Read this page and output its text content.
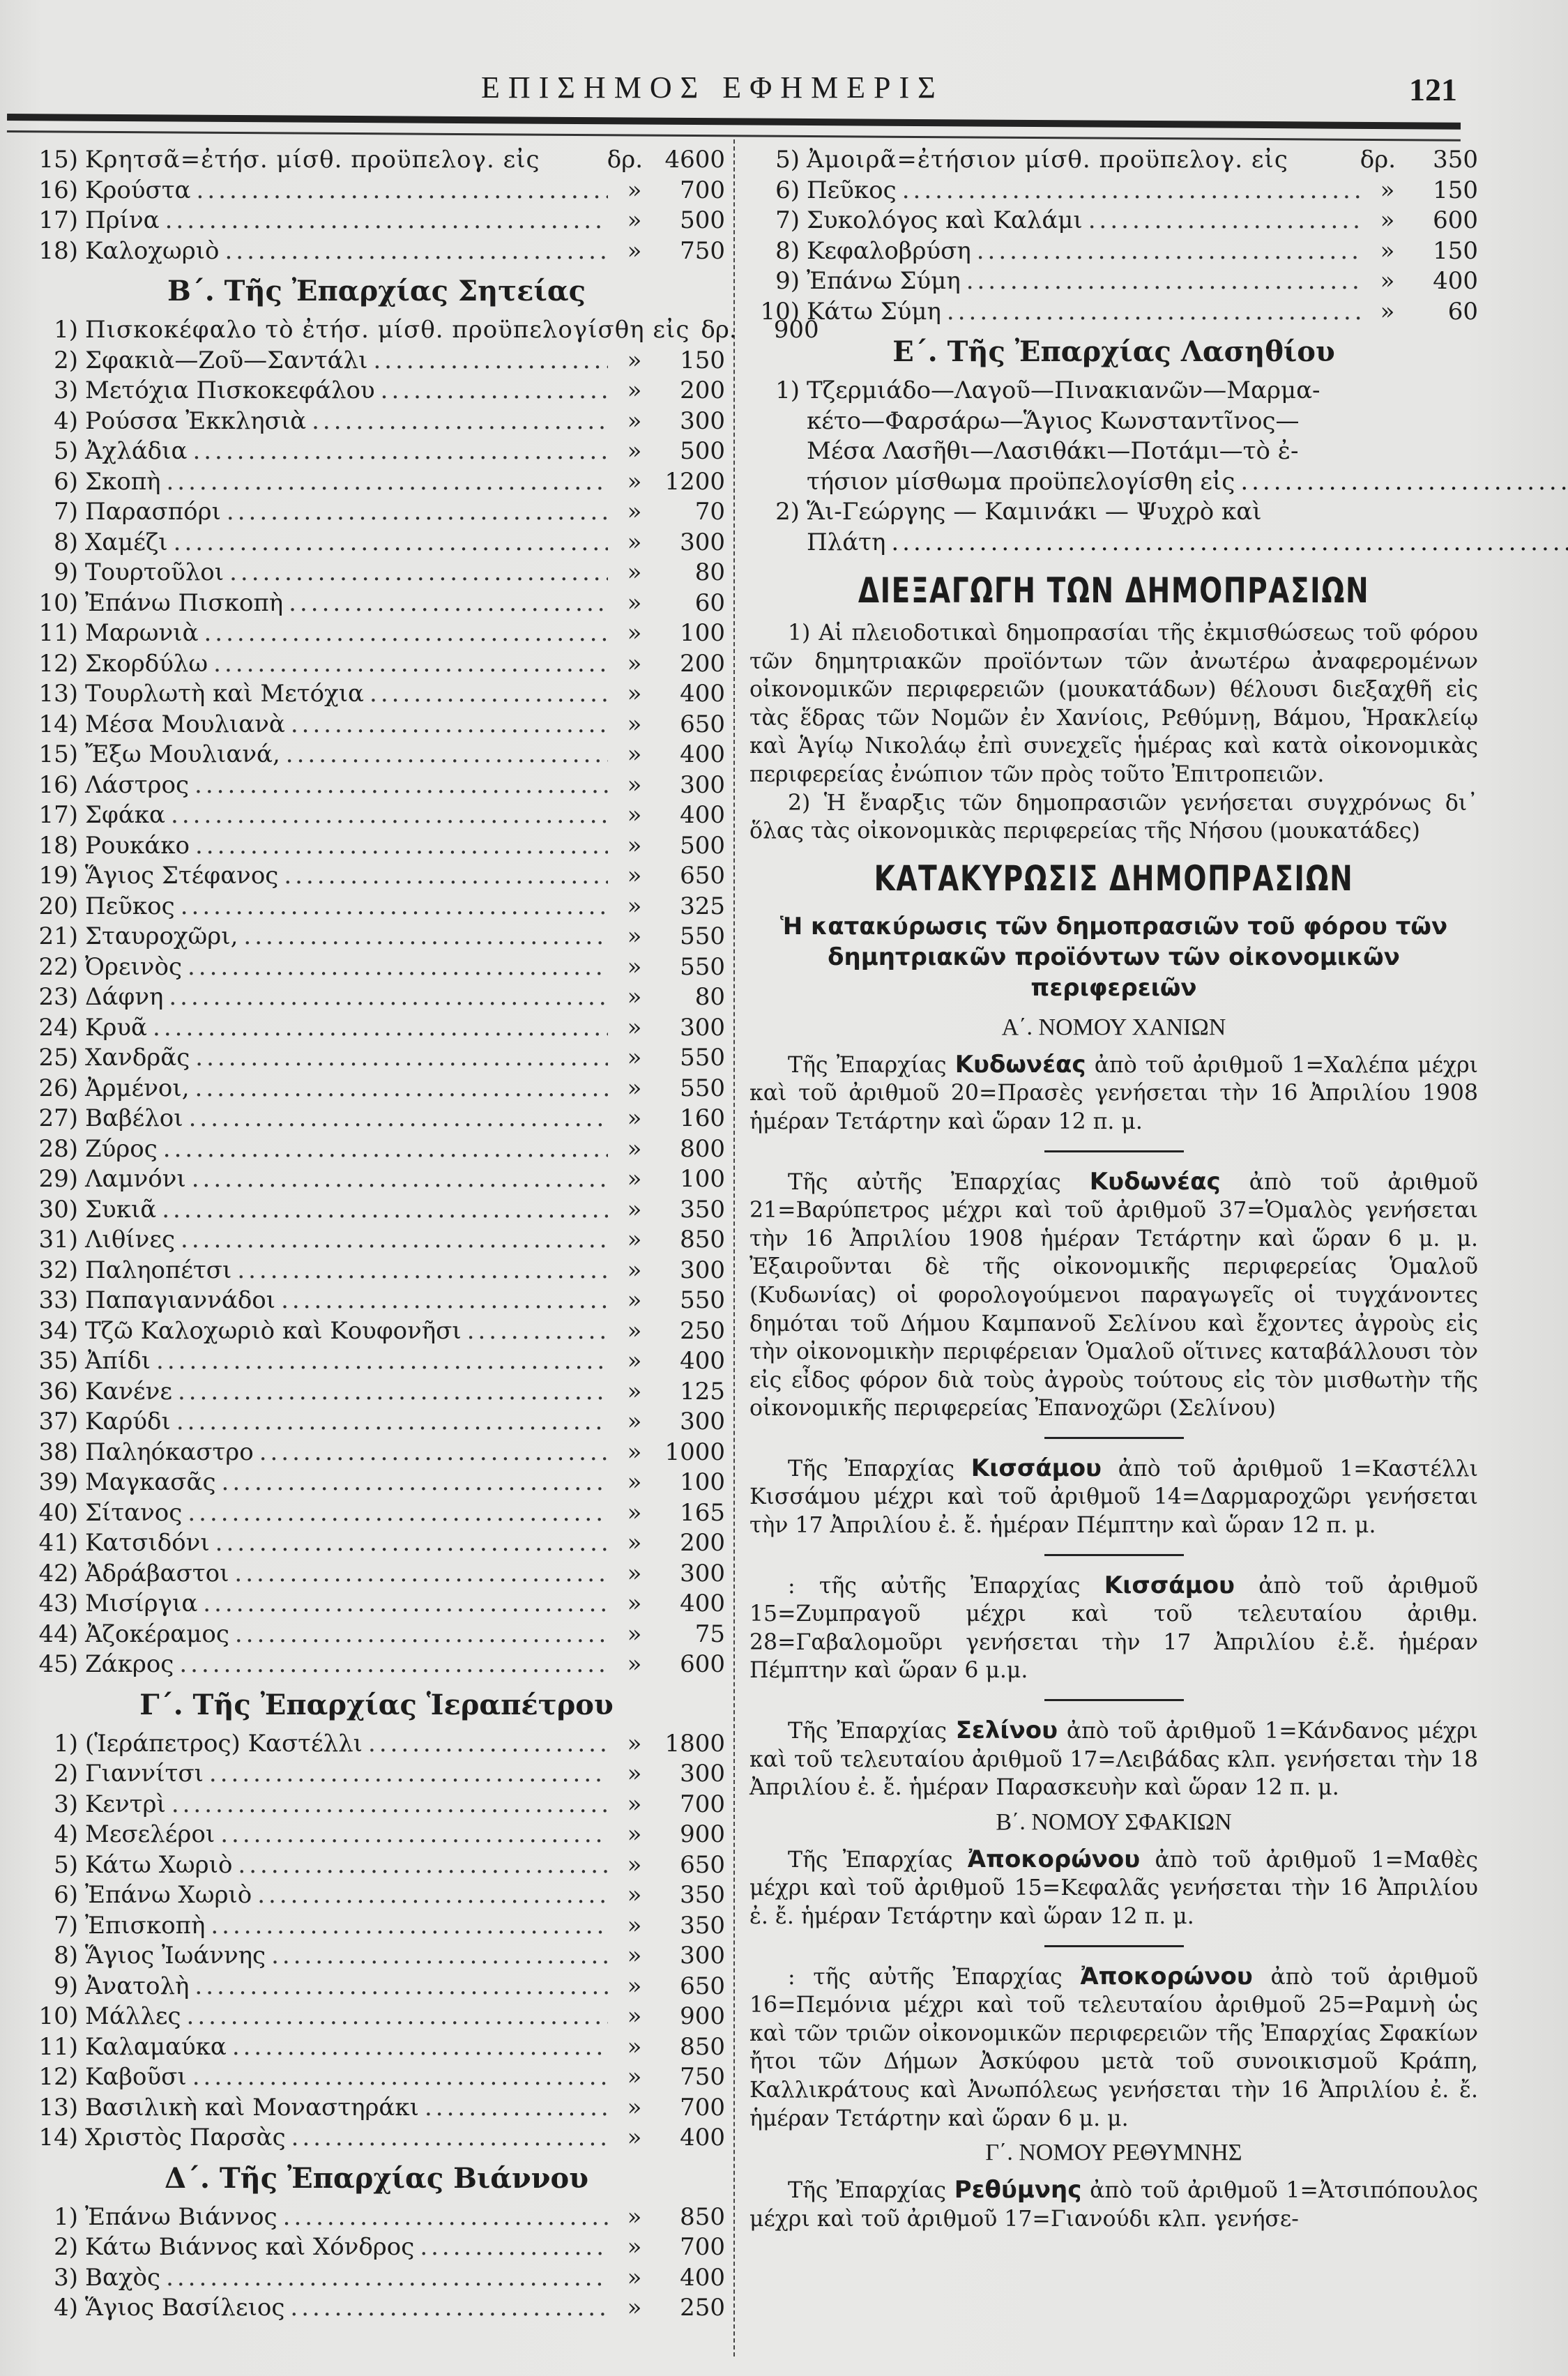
ΕΠΙΣΗΜΟΣ ΕΦΗΜΕΡΙΣ	121
15) Κρητσᾶ=ἐτήσ. μίσθ. προϋπελογ. εἰς	δρ. 4600
16) Κρούστα .....	»	700
17) Πρίνα .....	»	500
18) Καλοχωριὸ .....	»	750
Β΄. Τῆς Ἐπαρχίας Σητείας
1) Πισκοκέφαλο τὸ ἐτήσ. μίσθ. προϋπελογίσθη εἰς δρ.	900
2) Σφακιὰ—Ζοῦ—Σαντάλι .....	»	150
3) Μετόχια Πισκοκεφάλου .....	»	200
4) Ρούσσα Ἐκκλησιὰ .....	»	300
5) Ἀχλάδια .....	»	500
6) Σκοπὴ .....	» 1200
7) Παρασπόρι .....	»	70
8) Χαμέζι .....	»	300
9) Τουρτοῦλοι .....	»	80
10) Ἐπάνω Πισκοπὴ .....	»	60
11) Μαρωνιὰ .....	»	100
12) Σκορδύλω .....	»	200
13) Τουρλωτὴ καὶ Μετόχια .....	»	400
14) Μέσα Μουλιανὰ .....	»	650
15) Ἔξω Μουλιανά, .....	»	400
16) Λάστρος .....	»	300
17) Σφάκα .....	»	400
18) Ρουκάκο .....	»	500
19) Ἅγιος Στέφανος .....	»	650
20) Πεῦκος .....	»	325
21) Σταυροχῶρι, .....	»	550
22) Ὀρεινὸς .....	»	550
23) Δάφνη .....	»	80
24) Κρυᾶ .....	»	300
25) Χανδρᾶς .....	»	550
26) Ἀρμένοι, .....	»	550
27) Βαβέλοι .....	»	160
28) Ζύρος .....	»	800
29) Λαμνόνι .....	»	100
30) Συκιᾶ .....	»	350
31) Λιθίνες .....	»	850
32) Παληοπέτσι .....	»	300
33) Παπαγιαννάδοι .....	»	550
34) Τζῶ Καλοχωριὸ καὶ Κουφονῆσι .....	»	250
35) Ἀπίδι .....	»	400
36) Κανένε .....	»	125
37) Καρύδι .....	»	300
38) Παληόκαστρο .....	» 1000
39) Μαγκασᾶς .....	»	100
40) Σίτανος .....	»	165
41) Κατσιδόνι .....	»	200
42) Ἀδράβαστοι .....	»	300
43) Μισίργια .....	»	400
44) Ἀζοκέραμος .....	»	75
45) Ζάκρος .....	»	600
Γ΄. Τῆς Ἐπαρχίας Ἱεραπέτρου
1) (Ἱεράπετρος) Καστέλλι .....	» 1800
2) Γιαννίτσι .....	»	300
3) Κεντρὶ .....	»	700
4) Μεσελέροι .....	»	900
5) Κάτω Χωριὸ .....	»	650
6) Ἐπάνω Χωριὸ .....	»	350
7) Ἐπισκοπὴ .....	»	350
8) Ἅγιος Ἰωάννης .....	»	300
9) Ἀνατολὴ .....	»	650
10) Μάλλες .....	»	900
11) Καλαμαύκα .....	»	850
12) Καβοῦσι .....	»	750
13) Βασιλικὴ καὶ Μοναστηράκι .....	»	700
14) Χριστὸς Παρσὰς .....	»	400
Δ΄. Τῆς Ἐπαρχίας Βιάννου
1) Ἐπάνω Βιάννος .....	»	850
2) Κάτω Βιάννος καὶ Χόνδρος .....	»	700
3) Βαχὸς .....	»	400
4) Ἅγιος Βασίλειος .....	»	250
5) Ἀμοιρᾶ=ἐτήσιον μίσθ. προϋπελογ. εἰς	δρ.	350
6) Πεῦκος .....	»	150
7) Συκολόγος καὶ Καλάμι .....	»	600
8) Κεφαλοβρύση .....	»	150
9) Ἐπάνω Σύμη .....	»	400
10) Κάτω Σύμη .....	»	60
Ε΄. Τῆς Ἐπαρχίας Λασηθίου
1) Τζερμιάδο—Λαγοῦ—Πινακιανῶν—Μαρμα-
κέτο—Φαρσάρω—Ἅγιος Κωνσταντῖνος—
Μέσα Λασῆθι—Λασιθάκι—Ποτάμι—τὸ ἐ-
τήσιον μίσθωμα προϋπελογίσθη εἰς
.....
2) Ἅι-Γεώργης — Καμινάκι — Ψυχρὸ καὶ
Πλάτη
.....
ΔΙΕΞΑΓΩΓΗ ΤΩΝ ΔΗΜΟΠΡΑΣΙΩΝ

1) Αἱ πλειοδοτικαὶ δημοπρασίαι τῆς ἐκμισθώσεως τοῦ φόρου τῶν δημητριακῶν προϊόντων τῶν ἀνωτέρω ἀναφερομένων οἰκονομικῶν περιφερειῶν (μουκατάδων) θέλουσι διεξαχθῆ εἰς τὰς ἕδρας τῶν Νομῶν ἐν Χανίοις, Ρεθύμνῃ, Βάμου, Ἡρακλείῳ καὶ Ἁγίῳ Νικολάῳ ἐπὶ συνεχεῖς ἡμέρας καὶ κατὰ οἰκονομικὰς περιφερείας ἐνώπιον τῶν πρὸς τοῦτο Ἐπιτροπειῶν.

2) Ἡ ἔναρξις τῶν δημοπρασιῶν γενήσεται συγχρόνως δι᾽ ὅλας τὰς οἰκονομικὰς περιφερείας τῆς Νήσου (μουκατάδες)

ΚΑΤΑΚΥΡΩΣΙΣ ΔΗΜΟΠΡΑΣΙΩΝ
Ἡ κατακύρωσις τῶν δημοπρασιῶν τοῦ φόρου τῶν δημητριακῶν προϊόντων τῶν οἰκονομικῶν περιφερειῶν
Α΄. ΝΟΜΟΥ ΧΑΝΙΩΝ

Τῆς Ἐπαρχίας Κυδωνέας ἀπὸ τοῦ ἀριθμοῦ 1=Χαλέπα μέχρι καὶ τοῦ ἀριθμοῦ 20=Πρασὲς γενήσεται τὴν 16 Ἀπριλίου 1908 ἡμέραν Τετάρτην καὶ ὥραν 12 π. μ.

Τῆς αὐτῆς Ἐπαρχίας Κυδωνέας ἀπὸ τοῦ ἀριθμοῦ 21=Βαρύπετρος μέχρι καὶ τοῦ ἀριθμοῦ 37=Ὁμαλὸς γενήσεται τὴν 16 Ἀπριλίου 1908 ἡμέραν Τετάρτην καὶ ὥραν 6 μ. μ. Ἐξαιροῦνται δὲ τῆς οἰκονομικῆς περιφερείας Ὁμαλοῦ (Κυδωνίας) οἱ φορολογούμενοι παραγωγεῖς οἱ τυγχάνοντες δημόται τοῦ Δήμου Καμπανοῦ Σελίνου καὶ ἔχοντες ἀγροὺς εἰς τὴν οἰκονομικὴν περιφέρειαν Ὁμαλοῦ οἵτινες καταβάλλουσι τὸν εἰς εἶδος φόρον διὰ τοὺς ἀγροὺς τούτους εἰς τὸν μισθωτὴν τῆς οἰκονομικῆς περιφερείας Ἐπανοχῶρι (Σελίνου)

Τῆς Ἐπαρχίας Κισσάμου ἀπὸ τοῦ ἀριθμοῦ 1=Καστέλλι Κισσάμου μέχρι καὶ τοῦ ἀριθμοῦ 14=Δαρμαροχῶρι γενήσεται τὴν 17 Ἀπριλίου ἐ. ἔ. ἡμέραν Πέμπτην καὶ ὥραν 12 π. μ.

: τῆς αὐτῆς Ἐπαρχίας Κισσάμου ἀπὸ τοῦ ἀριθμοῦ 15=Ζυμπραγοῦ μέχρι καὶ τοῦ τελευταίου ἀριθμ. 28=Γαβαλομοῦρι γενήσεται τὴν 17 Ἀπριλίου ἐ.ἔ. ἡμέραν Πέμπτην καὶ ὥραν 6 μ.μ.

Τῆς Ἐπαρχίας Σελίνου ἀπὸ τοῦ ἀριθμοῦ 1=Κάνδανος μέχρι καὶ τοῦ τελευταίου ἀριθμοῦ 17=Λειβάδας κλπ. γενήσεται τὴν 18 Ἀπριλίου ἐ. ἔ. ἡμέραν Παρασκευὴν καὶ ὥραν 12 π. μ.

Β΄. ΝΟΜΟΥ ΣΦΑΚΙΩΝ

Τῆς Ἐπαρχίας Ἀποκορώνου ἀπὸ τοῦ ἀριθμοῦ 1=Μαθὲς μέχρι καὶ τοῦ ἀριθμοῦ 15=Κεφαλᾶς γενήσεται τὴν 16 Ἀπριλίου ἐ. ἔ. ἡμέραν Τετάρτην καὶ ὥραν 12 π. μ.

: τῆς αὐτῆς Ἐπαρχίας Ἀποκορώνου ἀπὸ τοῦ ἀριθμοῦ 16=Πεμόνια μέχρι καὶ τοῦ τελευταίου ἀριθμοῦ 25=Ραμνὴ ὡς καὶ τῶν τριῶν οἰκονομικῶν περιφερειῶν τῆς Ἐπαρχίας Σφακίων ἤτοι τῶν Δήμων Ἀσκύφου μετὰ τοῦ συνοικισμοῦ Κράπη, Καλλικράτους καὶ Ἀνωπόλεως γενήσεται τὴν 16 Ἀπριλίου ἐ. ἔ. ἡμέραν Τετάρτην καὶ ὥραν 6 μ. μ.

Γ΄. ΝΟΜΟΥ ΡΕΘΥΜΝΗΣ

Τῆς Ἐπαρχίας Ρεθύμνης ἀπὸ τοῦ ἀριθμοῦ 1=Ἀτσιπόπουλος μέχρι καὶ τοῦ ἀριθμοῦ 17=Γιανούδι κλπ. γενήσε-
